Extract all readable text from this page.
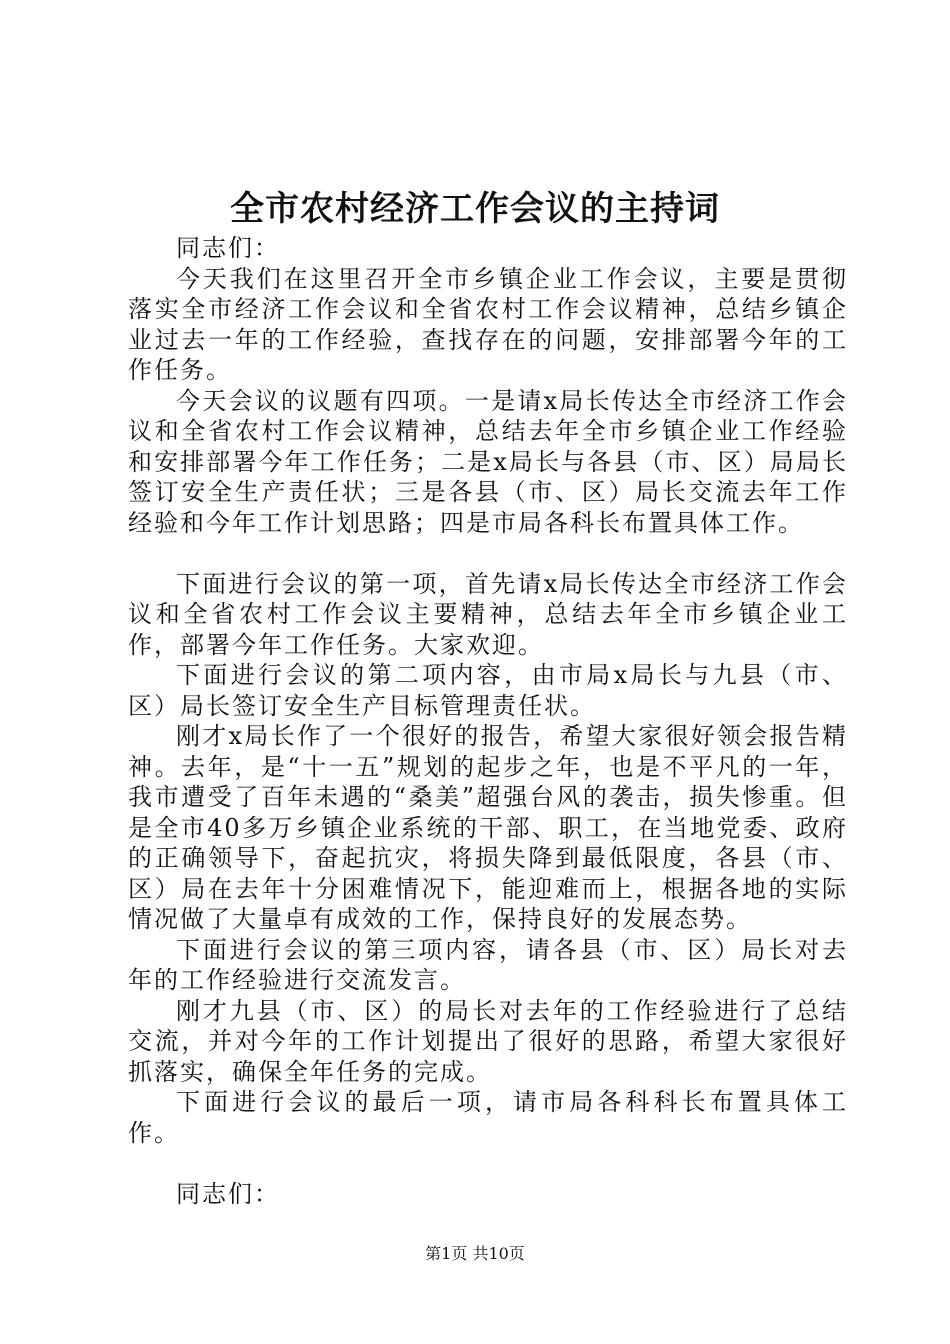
全市农村经济工作会议的主持词

同志们：

今天我们在这里召开全市乡镇企业工作会议，主要是贯彻落实全市经济工作会议和全省农村工作会议精神，总结乡镇企业过去一年的工作经验，查找存在的问题，安排部署今年的工作任务。

今天会议的议题有四项。一是请x局长传达全市经济工作会议和全省农村工作会议精神，总结去年全市乡镇企业工作经验和安排部署今年工作任务；二是x局长与各县（市、区）局局长签订安全生产责任状；三是各县（市、区）局长交流去年工作经验和今年工作计划思路；四是市局各科长布置具体工作。

下面进行会议的第一项，首先请x局长传达全市经济工作会议和全省农村工作会议主要精神，总结去年全市乡镇企业工作，部署今年工作任务。大家欢迎。

下面进行会议的第二项内容，由市局x局长与九县（市、区）局长签订安全生产目标管理责任状。

刚才x局长作了一个很好的报告，希望大家很好领会报告精神。去年，是“十一五”规划的起步之年，也是不平凡的一年，我市遭受了百年未遇的“桑美”超强台风的袭击，损失惨重。但是全市40多万乡镇企业系统的干部、职工，在当地党委、政府的正确领导下，奋起抗灾，将损失降到最低限度，各县（市、区）局在去年十分困难情况下，能迎难而上，根据各地的实际情况做了大量卓有成效的工作，保持良好的发展态势。

下面进行会议的第三项内容，请各县（市、区）局长对去年的工作经验进行交流发言。

刚才九县（市、区）的局长对去年的工作经验进行了总结交流，并对今年的工作计划提出了很好的思路，希望大家很好抓落实，确保全年任务的完成。

下面进行会议的最后一项，请市局各科科长布置具体工作。

同志们：

第1页 共10页
